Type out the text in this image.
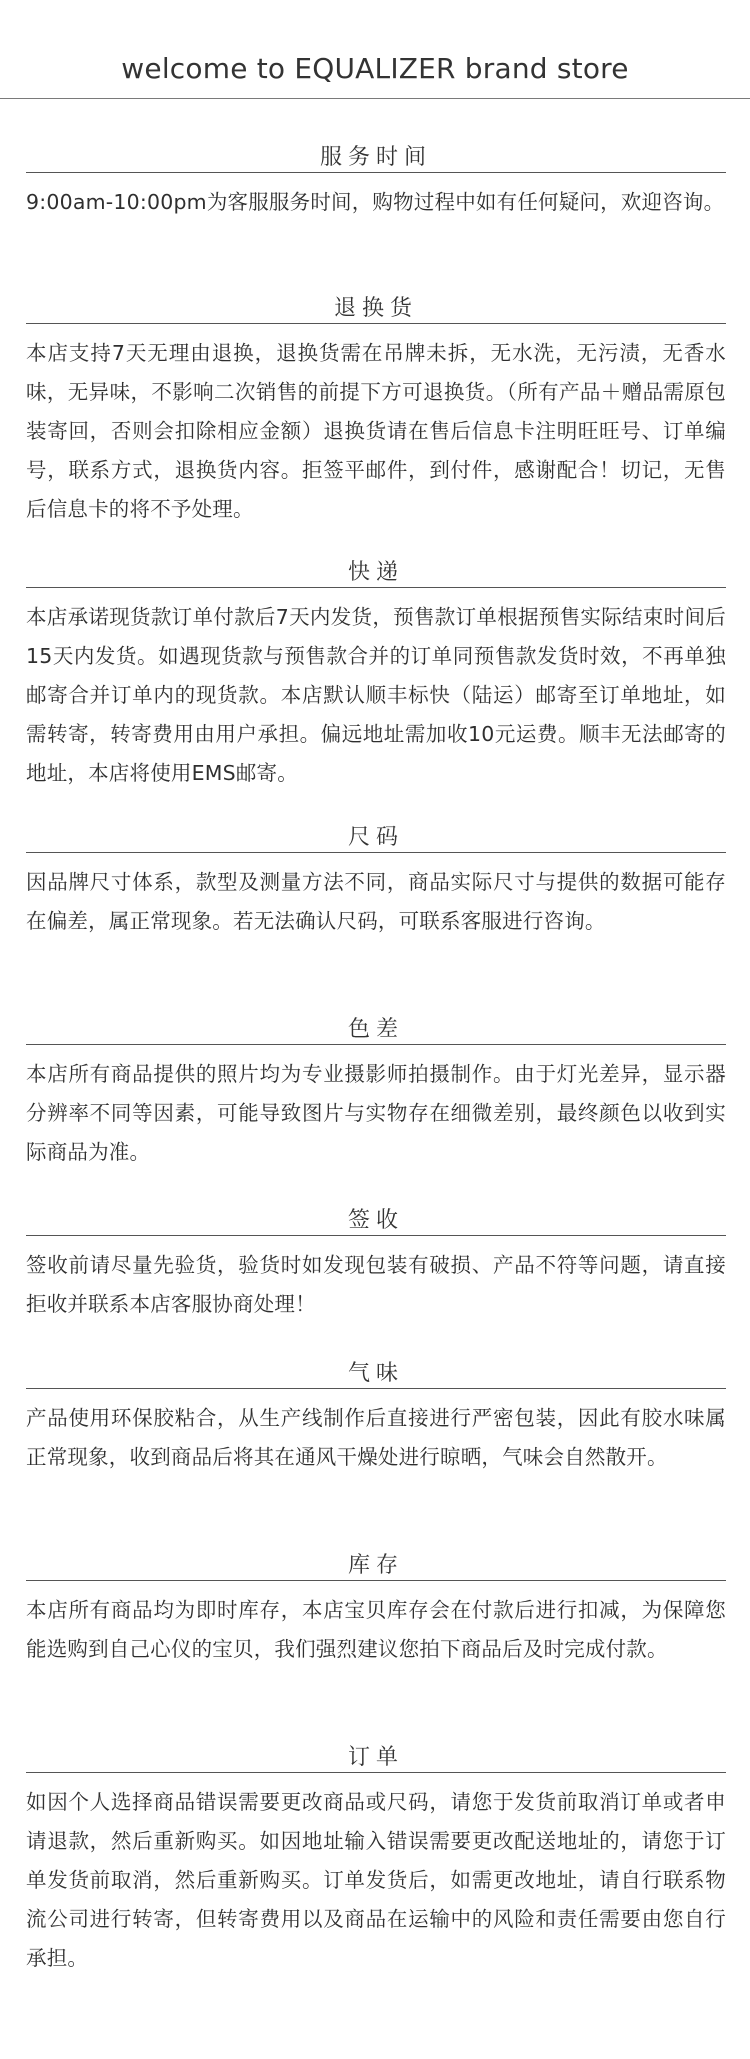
welcome to EQUALIZER brand store
服务时间

9:00am-10:00pm为客服服务时间，购物过程中如有任何疑问，欢迎咨询。

退换货

本店支持7天无理由退换，退换货需在吊牌未拆，无水洗，无污渍，无香水味，无异味，不影响二次销售的前提下方可退换货。（所有产品＋赠品需原包装寄回，否则会扣除相应金额）退换货请在售后信息卡注明旺旺号、订单编号，联系方式，退换货内容。拒签平邮件，到付件，感谢配合！切记，无售后信息卡的将不予处理。

快递

本店承诺现货款订单付款后7天内发货，预售款订单根据预售实际结束时间后15天内发货。如遇现货款与预售款合并的订单同预售款发货时效，不再单独邮寄合并订单内的现货款。本店默认顺丰标快（陆运）邮寄至订单地址，如需转寄，转寄费用由用户承担。偏远地址需加收10元运费。顺丰无法邮寄的地址，本店将使用EMS邮寄。

尺码

因品牌尺寸体系，款型及测量方法不同，商品实际尺寸与提供的数据可能存在偏差，属正常现象。若无法确认尺码，可联系客服进行咨询。

色差

本店所有商品提供的照片均为专业摄影师拍摄制作。由于灯光差异，显示器分辨率不同等因素，可能导致图片与实物存在细微差别，最终颜色以收到实际商品为准。

签收

签收前请尽量先验货，验货时如发现包装有破损、产品不符等问题，请直接拒收并联系本店客服协商处理！

气味

产品使用环保胶粘合，从生产线制作后直接进行严密包装，因此有胶水味属正常现象，收到商品后将其在通风干燥处进行晾晒，气味会自然散开。

库存

本店所有商品均为即时库存，本店宝贝库存会在付款后进行扣减，为保障您能选购到自己心仪的宝贝，我们强烈建议您拍下商品后及时完成付款。

订单

如因个人选择商品错误需要更改商品或尺码，请您于发货前取消订单或者申请退款，然后重新购买。如因地址输入错误需要更改配送地址的，请您于订单发货前取消，然后重新购买。订单发货后，如需更改地址，请自行联系物流公司进行转寄，但转寄费用以及商品在运输中的风险和责任需要由您自行承担。
